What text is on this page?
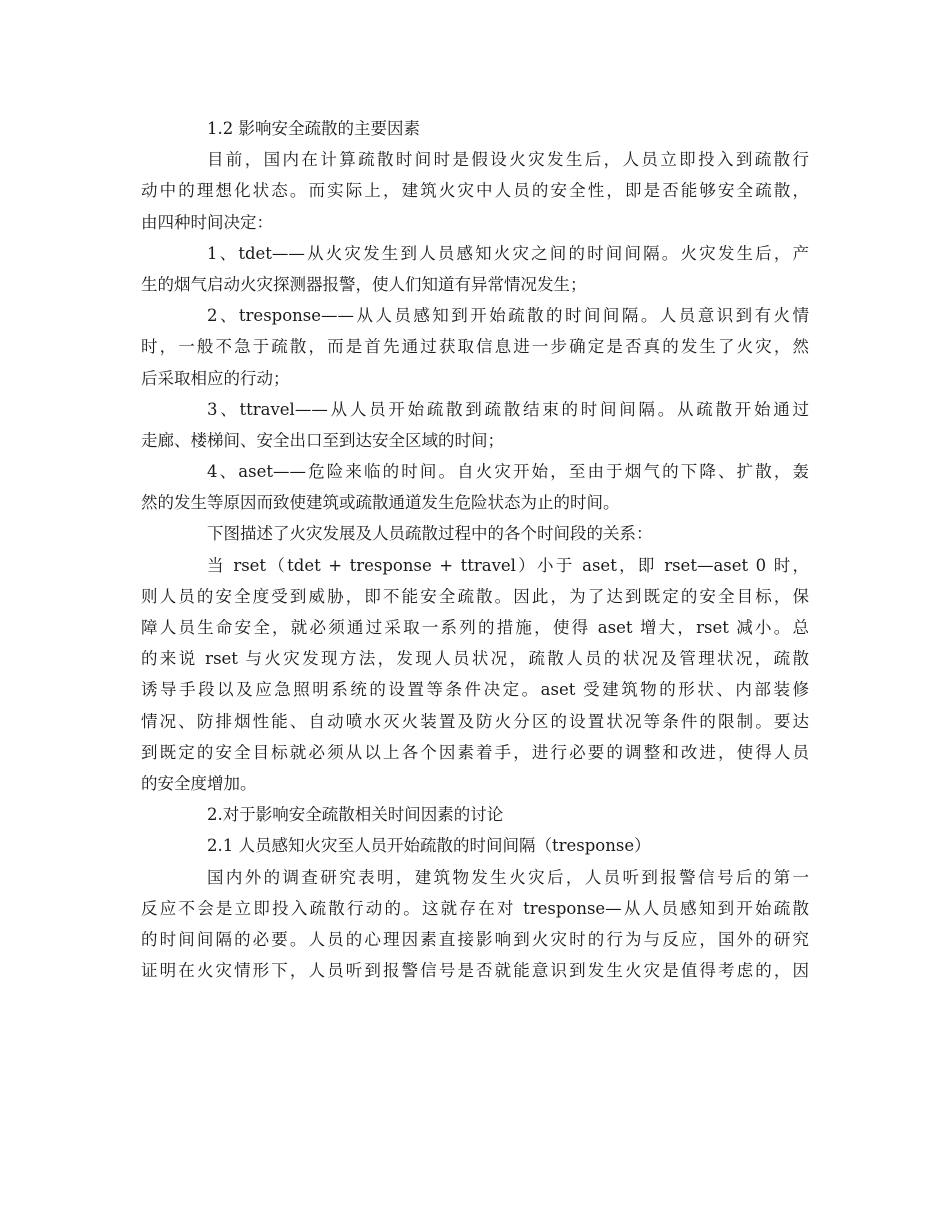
1.2 影响安全疏散的主要因素
目前，国内在计算疏散时间时是假设火灾发生后，人员立即投入到疏散行
动中的理想化状态。而实际上，建筑火灾中人员的安全性，即是否能够安全疏散，
由四种时间决定：
1、tdet——从火灾发生到人员感知火灾之间的时间间隔。火灾发生后，产
生的烟气启动火灾探测器报警，使人们知道有异常情况发生；
2、tresponse——从人员感知到开始疏散的时间间隔。人员意识到有火情
时，一般不急于疏散，而是首先通过获取信息进一步确定是否真的发生了火灾，然
后采取相应的行动；
3、ttravel——从人员开始疏散到疏散结束的时间间隔。从疏散开始通过
走廊、楼梯间、安全出口至到达安全区域的时间；
4、aset——危险来临的时间。自火灾开始，至由于烟气的下降、扩散，轰
然的发生等原因而致使建筑或疏散通道发生危险状态为止的时间。
下图描述了火灾发展及人员疏散过程中的各个时间段的关系：
当 rset（tdet + tresponse + ttravel）小于 aset，即 rset—aset 0 时，
则人员的安全度受到威胁，即不能安全疏散。因此，为了达到既定的安全目标，保
障人员生命安全，就必须通过采取一系列的措施，使得 aset 增大，rset 减小。总
的来说 rset 与火灾发现方法，发现人员状况，疏散人员的状况及管理状况，疏散
诱导手段以及应急照明系统的设置等条件决定。aset 受建筑物的形状、内部装修
情况、防排烟性能、自动喷水灭火装置及防火分区的设置状况等条件的限制。要达
到既定的安全目标就必须从以上各个因素着手，进行必要的调整和改进，使得人员
的安全度增加。
2.对于影响安全疏散相关时间因素的讨论
2.1 人员感知火灾至人员开始疏散的时间间隔（tresponse）
国内外的调查研究表明，建筑物发生火灾后，人员听到报警信号后的第一
反应不会是立即投入疏散行动的。这就存在对 tresponse—从人员感知到开始疏散
的时间间隔的必要。人员的心理因素直接影响到火灾时的行为与反应，国外的研究
证明在火灾情形下，人员听到报警信号是否就能意识到发生火灾是值得考虑的，因
